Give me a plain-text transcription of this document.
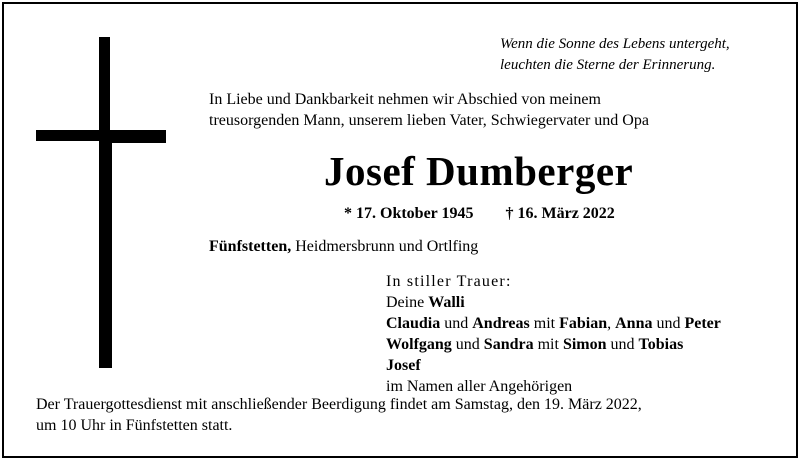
Wenn die Sonne des Lebens untergeht,
leuchten die Sterne der Erinnerung.
In Liebe und Dankbarkeit nehmen wir Abschied von meinem
treusorgenden Mann, unserem lieben Vater, Schwiegervater und Opa
Josef Dumberger
* 17. Oktober 1945 † 16. März 2022
Fünfstetten, Heidmersbrunn und Ortlfing
In stiller Trauer:
Deine Walli
Claudia und Andreas mit Fabian, Anna und Peter
Wolfgang und Sandra mit Simon und Tobias
Josef
im Namen aller Angehörigen
Der Trauergottesdienst mit anschließender Beerdigung findet am Samstag, den 19. März 2022,
um 10 Uhr in Fünfstetten statt.
